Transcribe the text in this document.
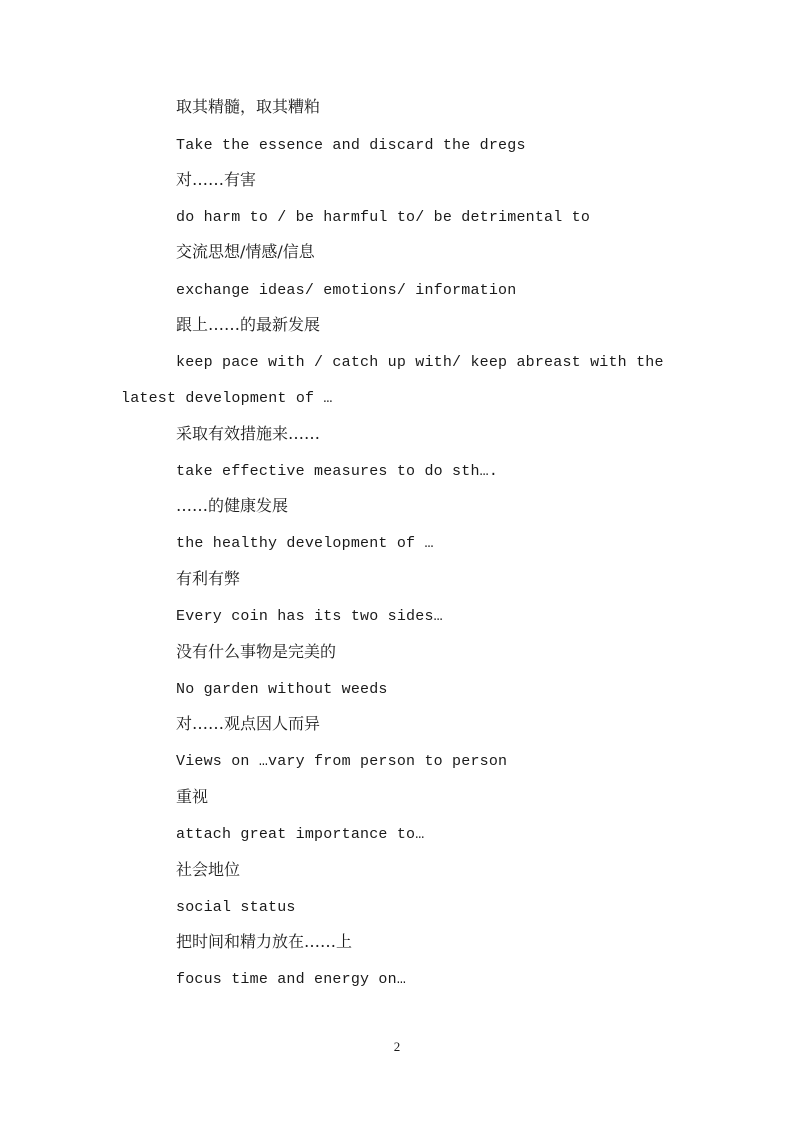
取其精髓，取其糟粕

Take the essence and discard the dregs

对……有害

do harm to / be harmful to/ be detrimental to

交流思想/情感/信息

exchange ideas/ emotions/ information

跟上……的最新发展

keep pace with / catch up with/ keep abreast with the

latest development of …

采取有效措施来……

take effective measures to do sth….

……的健康发展

the healthy development of …

有利有弊

Every coin has its two sides…

没有什么事物是完美的

No garden without weeds

对……观点因人而异

Views on …vary from person to person

重视

attach great importance to…

社会地位

social status

把时间和精力放在……上

focus time and energy on…

2
